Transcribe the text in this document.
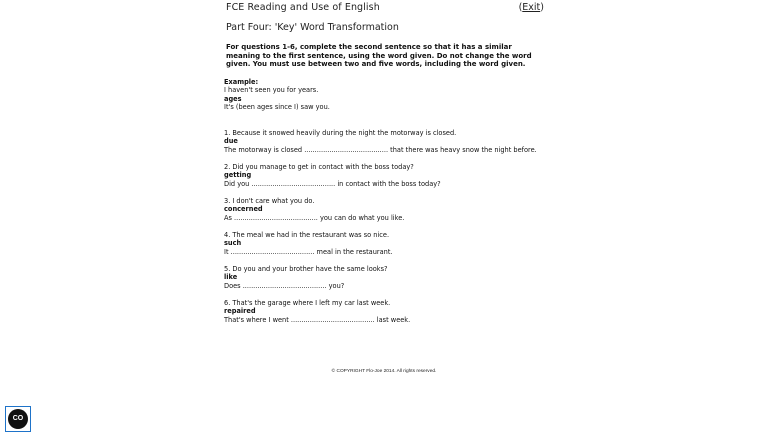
FCE Reading and Use of English	(Exit)
Part Four: 'Key' Word Transformation
For questions 1-6, complete the second sentence so that it has a similar meaning to the first sentence, using the word given. Do not change the word given. You must use between two and five words, including the word given.
Example:
I haven't seen you for years.
ages
It's (been ages since I) saw you.
1. Because it snowed heavily during the night the motorway is closed.
due
The motorway is closed ........................................ that there was heavy snow the night before.
2. Did you manage to get in contact with the boss today?
getting
Did you ........................................ in contact with the boss today?
3. I don't care what you do.
concerned
As ........................................ you can do what you like.
4. The meal we had in the restaurant was so nice.
such
It ........................................ meal in the restaurant.
5. Do you and your brother have the same looks?
like
Does ........................................ you?
6. That's the garage where I left my car last week.
repaired
That's where I went ........................................ last week.
© COPYRIGHT Flo-Joe 2014. All rights reserved.
CO
